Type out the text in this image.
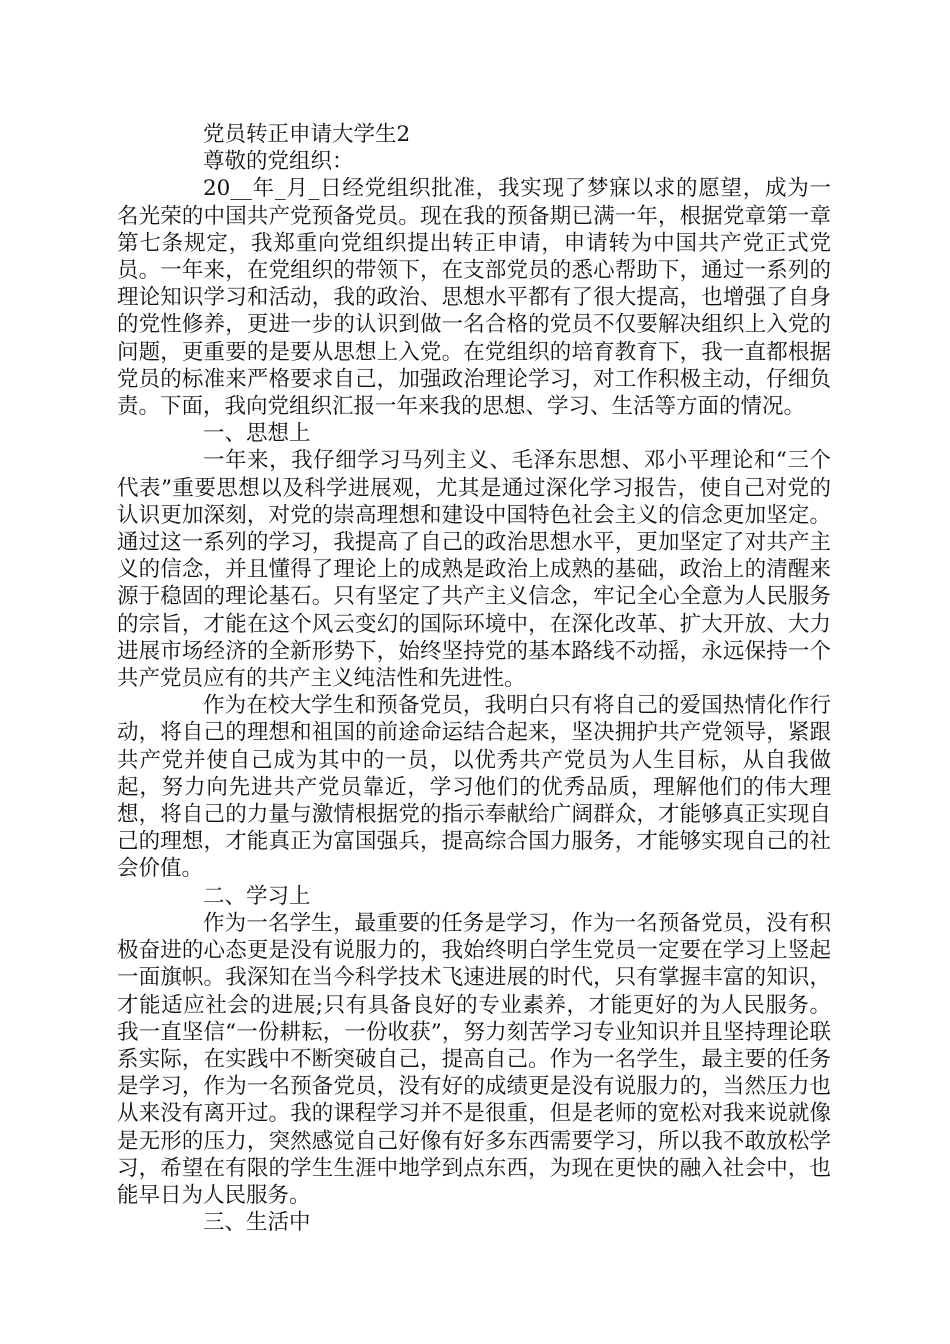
党员转正申请大学生2

尊敬的党组织：

20__年_月_日经党组织批准，我实现了梦寐以求的愿望，成为一名光荣的中国共产党预备党员。现在我的预备期已满一年，根据党章第一章第七条规定，我郑重向党组织提出转正申请，申请转为中国共产党正式党员。一年来，在党组织的带领下，在支部党员的悉心帮助下，通过一系列的理论知识学习和活动，我的政治、思想水平都有了很大提高，也增强了自身的党性修养，更进一步的认识到做一名合格的党员不仅要解决组织上入党的问题，更重要的是要从思想上入党。在党组织的培育教育下，我一直都根据党员的标准来严格要求自己，加强政治理论学习，对工作积极主动，仔细负责。下面，我向党组织汇报一年来我的思想、学习、生活等方面的情况。

一、思想上

一年来，我仔细学习马列主义、毛泽东思想、邓小平理论和“三个代表”重要思想以及科学进展观，尤其是通过深化学习报告，使自己对党的认识更加深刻，对党的崇高理想和建设中国特色社会主义的信念更加坚定。通过这一系列的学习，我提高了自己的政治思想水平，更加坚定了对共产主义的信念，并且懂得了理论上的成熟是政治上成熟的基础，政治上的清醒来源于稳固的理论基石。只有坚定了共产主义信念，牢记全心全意为人民服务的宗旨，才能在这个风云变幻的国际环境中，在深化改革、扩大开放、大力进展市场经济的全新形势下，始终坚持党的基本路线不动摇，永远保持一个共产党员应有的共产主义纯洁性和先进性。

作为在校大学生和预备党员，我明白只有将自己的爱国热情化作行动，将自己的理想和祖国的前途命运结合起来，坚决拥护共产党领导，紧跟共产党并使自己成为其中的一员，以优秀共产党员为人生目标，从自我做起，努力向先进共产党员靠近，学习他们的优秀品质，理解他们的伟大理想，将自己的力量与激情根据党的指示奉献给广阔群众，才能够真正实现自己的理想，才能真正为富国强兵，提高综合国力服务，才能够实现自己的社会价值。

二、学习上

作为一名学生，最重要的任务是学习，作为一名预备党员，没有积极奋进的心态更是没有说服力的，我始终明白学生党员一定要在学习上竖起一面旗帜。我深知在当今科学技术飞速进展的时代，只有掌握丰富的知识，才能适应社会的进展;只有具备良好的专业素养，才能更好的为人民服务。我一直坚信“一份耕耘，一份收获”，努力刻苦学习专业知识并且坚持理论联系实际，在实践中不断突破自己，提高自己。作为一名学生，最主要的任务是学习，作为一名预备党员，没有好的成绩更是没有说服力的，当然压力也从来没有离开过。我的课程学习并不是很重，但是老师的宽松对我来说就像是无形的压力，突然感觉自己好像有好多东西需要学习，所以我不敢放松学习，希望在有限的学生生涯中地学到点东西，为现在更快的融入社会中，也能早日为人民服务。

三、生活中
